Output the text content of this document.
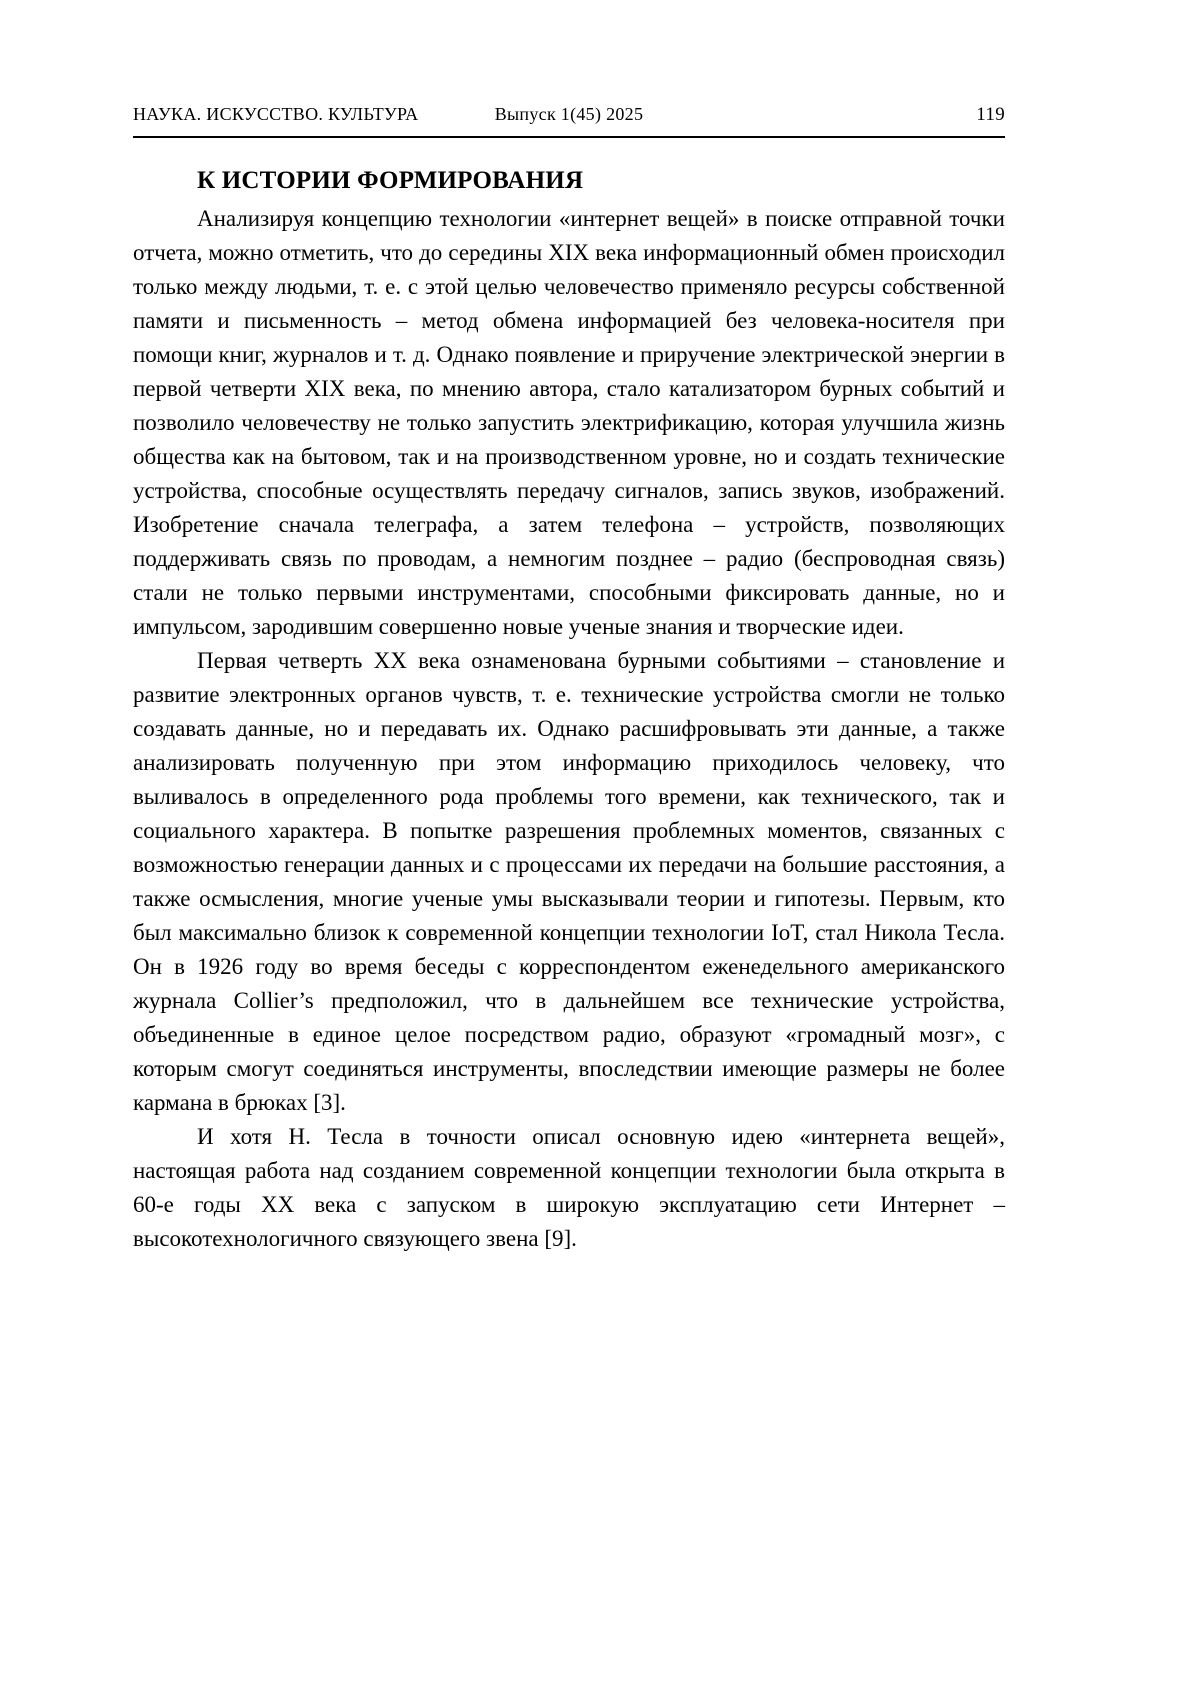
НАУКА. ИСКУССТВО. КУЛЬТУРА	Выпуск 1(45) 2025	119
К ИСТОРИИ ФОРМИРОВАНИЯ

Анализируя концепцию технологии «интернет вещей» в поиске отправной точки отчета, можно отметить, что до середины XIX века информационный обмен происходил только между людьми, т. е. с этой целью человечество применяло ресурсы собственной памяти и письменность – метод обмена информацией без человека-носителя при помощи книг, журналов и т. д. Однако появление и приручение электрической энергии в первой четверти XIX века, по мнению автора, стало катализатором бурных событий и позволило человечеству не только запустить электрификацию, которая улучшила жизнь общества как на бытовом, так и на производственном уровне, но и создать технические устройства, способные осуществлять передачу сигналов, запись звуков, изображений. Изобретение сначала телеграфа, а затем телефона – устройств, позволяющих поддерживать связь по проводам, а немногим позднее – радио (беспроводная связь) стали не только первыми инструментами, способными фиксировать данные, но и импульсом, зародившим совершенно новые ученые знания и творческие идеи.

Первая четверть XX века ознаменована бурными событиями – становление и развитие электронных органов чувств, т. е. технические устройства смогли не только создавать данные, но и передавать их. Однако расшифровывать эти данные, а также анализировать полученную при этом информацию приходилось человеку, что выливалось в определенного рода проблемы того времени, как технического, так и социального характера. В попытке разрешения проблемных моментов, связанных с возможностью генерации данных и с процессами их передачи на большие расстояния, а также осмысления, многие ученые умы высказывали теории и гипотезы. Первым, кто был максимально близок к современной концепции технологии IoT, стал Никола Тесла. Он в 1926 году во время беседы с корреспондентом еженедельного американского журнала Collier’s предположил, что в дальнейшем все технические устройства, объединенные в единое целое посредством радио, образуют «громадный мозг», с которым смогут соединяться инструменты, впоследствии имеющие размеры не более кармана в брюках [3].

И хотя Н. Тесла в точности описал основную идею «интернета вещей», настоящая работа над созданием современной концепции технологии была открыта в 60-е годы XX века с запуском в широкую эксплуатацию сети Интернет – высокотехнологичного связующего звена [9].
